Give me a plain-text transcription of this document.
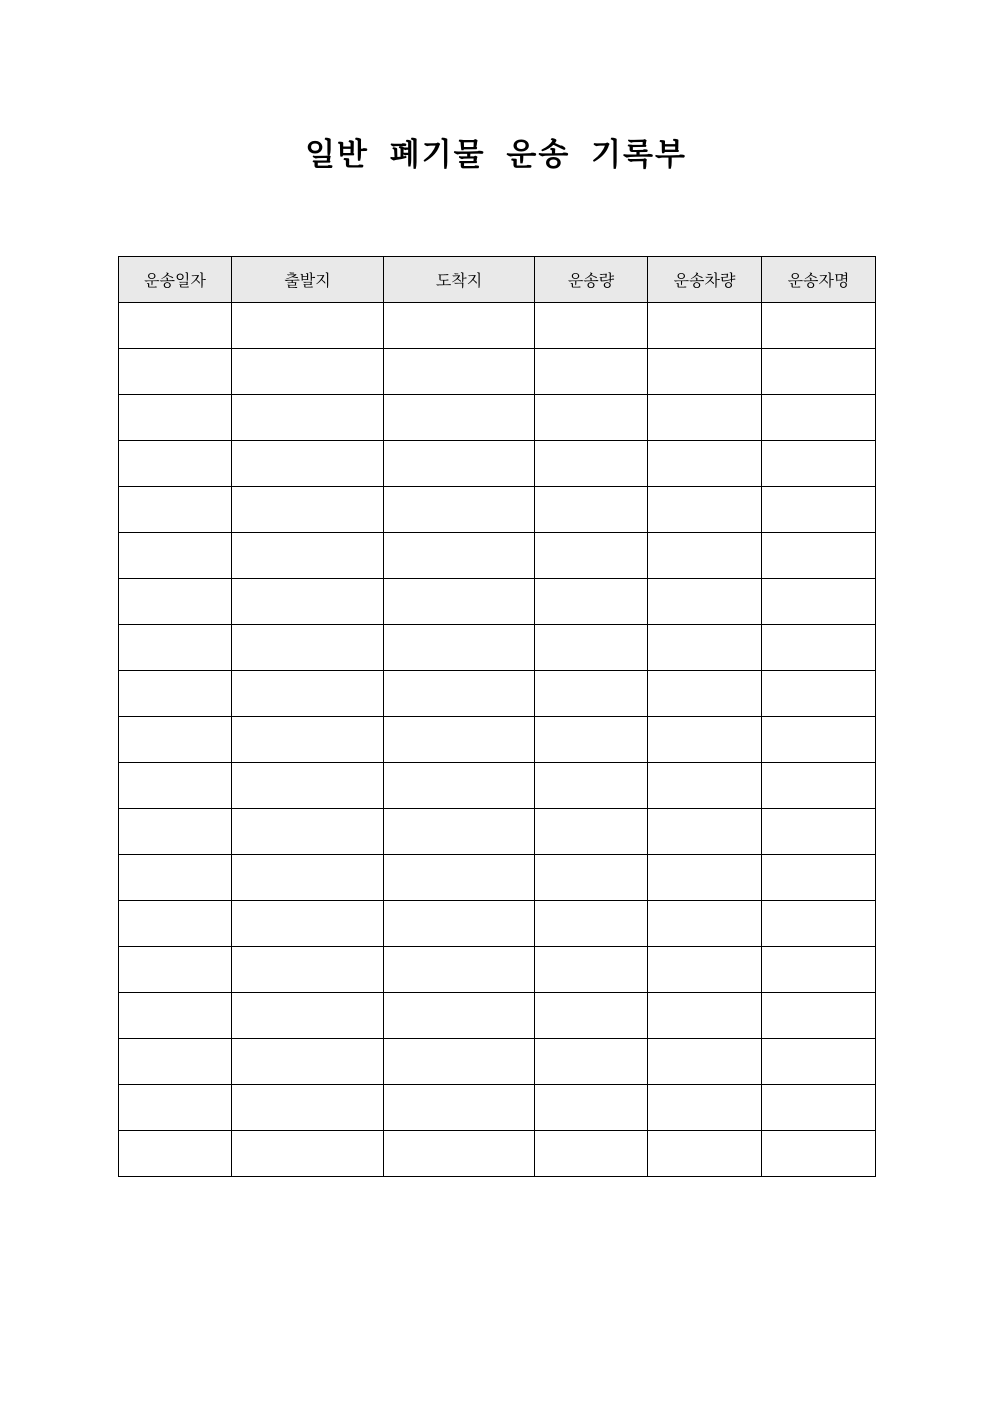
일반 폐기물 운송 기록부
운송일자	출발지	도착지	운송량	운송차량	운송자명
